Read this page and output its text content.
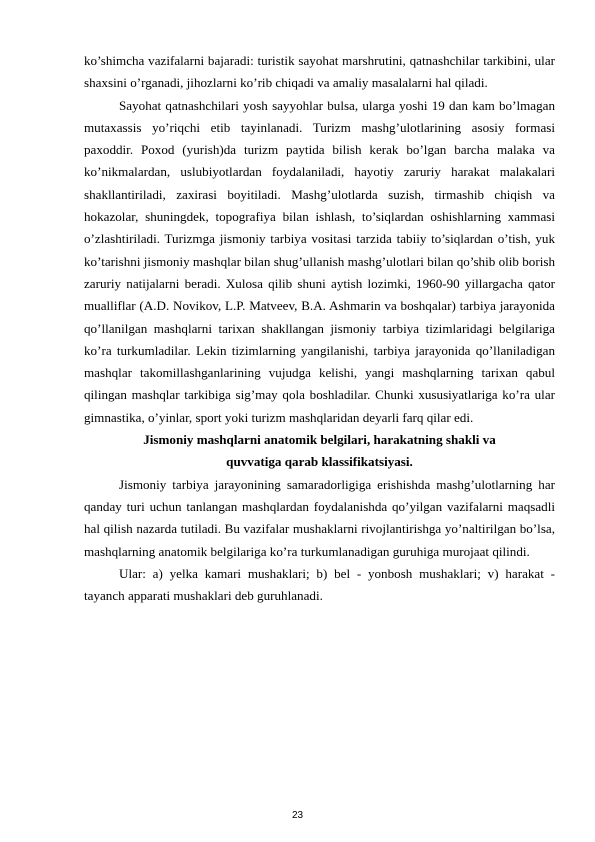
ko’shimcha vazifalarni bajaradi: turistik sayohat marshrutini, qatnashchilar tarkibini, ular shaxsini o’rganadi, jihozlarni ko’rib chiqadi va amaliy masalalarni hal qiladi.

Sayohat qatnashchilari yosh sayyohlar bulsa, ularga yoshi 19 dan kam bo’lmagan mutaxassis yo’riqchi etib tayinlanadi. Turizm mashg’ulotlarining asosiy formasi paxoddir. Poxod (yurish)da turizm paytida bilish kerak bo’lgan barcha malaka va ko’nikmalardan, uslubiyotlardan foydalaniladi, hayotiy zaruriy harakat malakalari shakllantiriladi, zaxirasi boyitiladi. Mashg’ulotlarda suzish, tirmashib chiqish va hokazolar, shuningdek, topografiya bilan ishlash, to’siqlardan oshishlarning xammasi o’zlashtiriladi. Turizmga jismoniy tarbiya vositasi tarzida tabiiy to’siqlardan o’tish, yuk ko’tarishni jismoniy mashqlar bilan shug’ullanish mashg’ulotlari bilan qo’shib olib borish zaruriy natijalarni beradi. Xulosa qilib shuni aytish lozimki, 1960-90 yillargacha qator mualliflar (A.D. Novikov, L.P. Matveev, B.A. Ashmarin va boshqalar) tarbiya jarayonida qo’llanilgan mashqlarni tarixan shakllangan jismoniy tarbiya tizimlaridagi belgilariga ko’ra turkumladilar. Lekin tizimlarning yangilanishi, tarbiya jarayonida qo’llaniladigan mashqlar takomillashganlarining vujudga kelishi, yangi mashqlarning tarixan qabul qilingan mashqlar tarkibiga sig’may qola boshladilar. Chunki xususiyatlariga ko’ra ular gimnastika, o’yinlar, sport yoki turizm mashqlaridan deyarli farq qilar edi.

Jismoniy mashqlarni anatomik belgilari, harakatning shakli va

quvvatiga qarab klassifikatsiyasi.

Jismoniy tarbiya jarayonining samaradorligiga erishishda mashg’ulotlarning har qanday turi uchun tanlangan mashqlardan foydalanishda qo’yilgan vazifalarni maqsadli hal qilish nazarda tutiladi. Bu vazifalar mushaklarni rivojlantirishga yo’naltirilgan bo’lsa, mashqlarning anatomik belgilariga ko’ra turkumlanadigan guruhiga murojaat qilindi.

Ular: a) yelka kamari mushaklari; b) bel - yonbosh mushaklari; v) harakat - tayanch apparati mushaklari deb guruhlanadi.

23
